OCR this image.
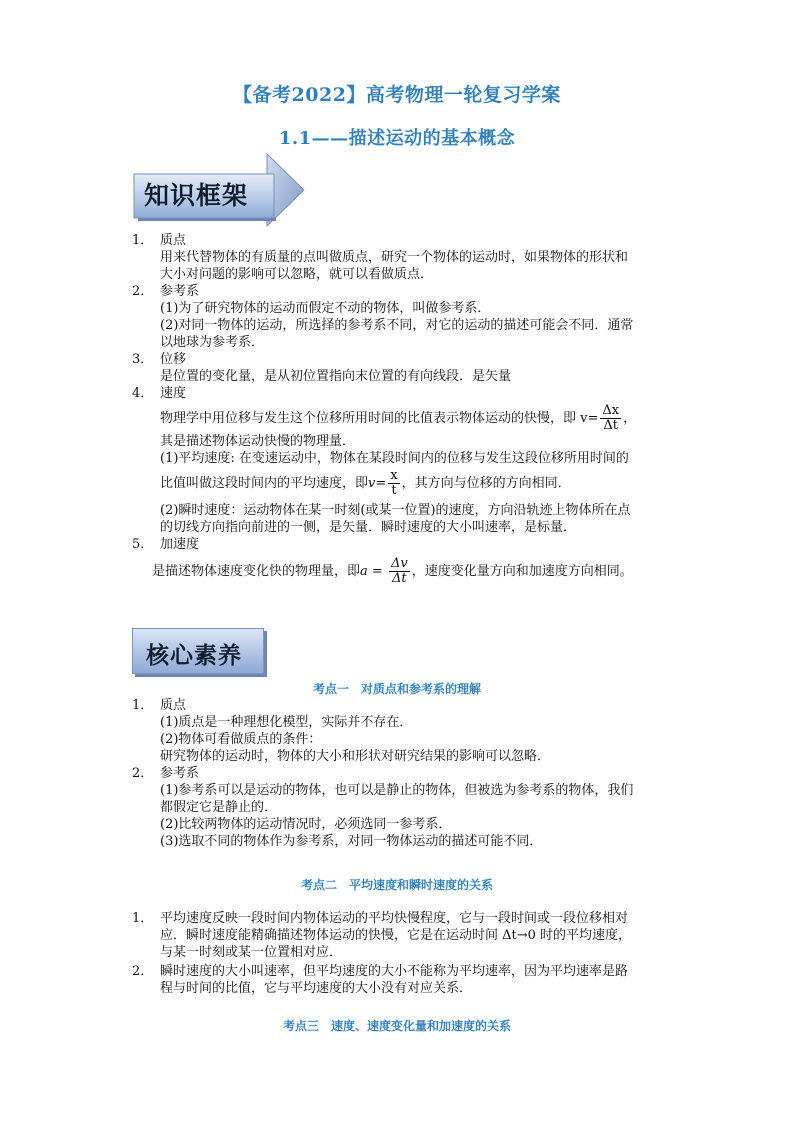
【备考2022】高考物理一轮复习学案
1.1——描述运动的基本概念
知识框架
1． 质点
用来代替物体的有质量的点叫做质点，研究一个物体的运动时，如果物体的形状和
大小对问题的影响可以忽略，就可以看做质点．
2． 参考系
(1)为了研究物体的运动而假定不动的物体，叫做参考系．
(2)对同一物体的运动，所选择的参考系不同，对它的运动的描述可能会不同．通常
以地球为参考系．
3． 位移
是位置的变化量，是从初位置指向末位置的有向线段．是矢量
4． 速度
物理学中用位移与发生这个位移所用时间的比值表示物体运动的快慢，即 $v= \frac{\Delta x}{\Delta t}$ ，
其是描述物体运动快慢的物理量．
(1)平均速度: 在变速运动中，物体在某段时间内的位移与发生这段位移所用时间的
比值叫做这段时间内的平均速度，即$v= \frac{x}{t}$ ，其方向与位移的方向相同．
(2)瞬时速度：运动物体在某一时刻(或某一位置)的速度，方向沿轨迹上物体所在点
的切线方向指向前进的一侧，是矢量．瞬时速度的大小叫速率，是标量．
5． 加速度
是描述物体速度变化快的物理量，即$a = \frac{\Delta v}{\Delta t}$ ，速度变化量方向和加速度方向相同。
核心素养
考点一　对质点和参考系的理解
1． 质点
(1)质点是一种理想化模型，实际并不存在．
(2)物体可看做质点的条件：
研究物体的运动时，物体的大小和形状对研究结果的影响可以忽略．
2． 参考系
(1)参考系可以是运动的物体，也可以是静止的物体，但被选为参考系的物体，我们
都假定它是静止的．
(2)比较两物体的运动情况时，必须选同一参考系．
(3)选取不同的物体作为参考系，对同一物体运动的描述可能不同．
考点二　平均速度和瞬时速度的关系
1． 平均速度反映一段时间内物体运动的平均快慢程度，它与一段时间或一段位移相对
应．瞬时速度能精确描述物体运动的快慢，它是在运动时间 Δt→0 时的平均速度，
与某一时刻或某一位置相对应．
2． 瞬时速度的大小叫速率，但平均速度的大小不能称为平均速率，因为平均速率是路
程与时间的比值，它与平均速度的大小没有对应关系．
考点三　速度、速度变化量和加速度的关系
